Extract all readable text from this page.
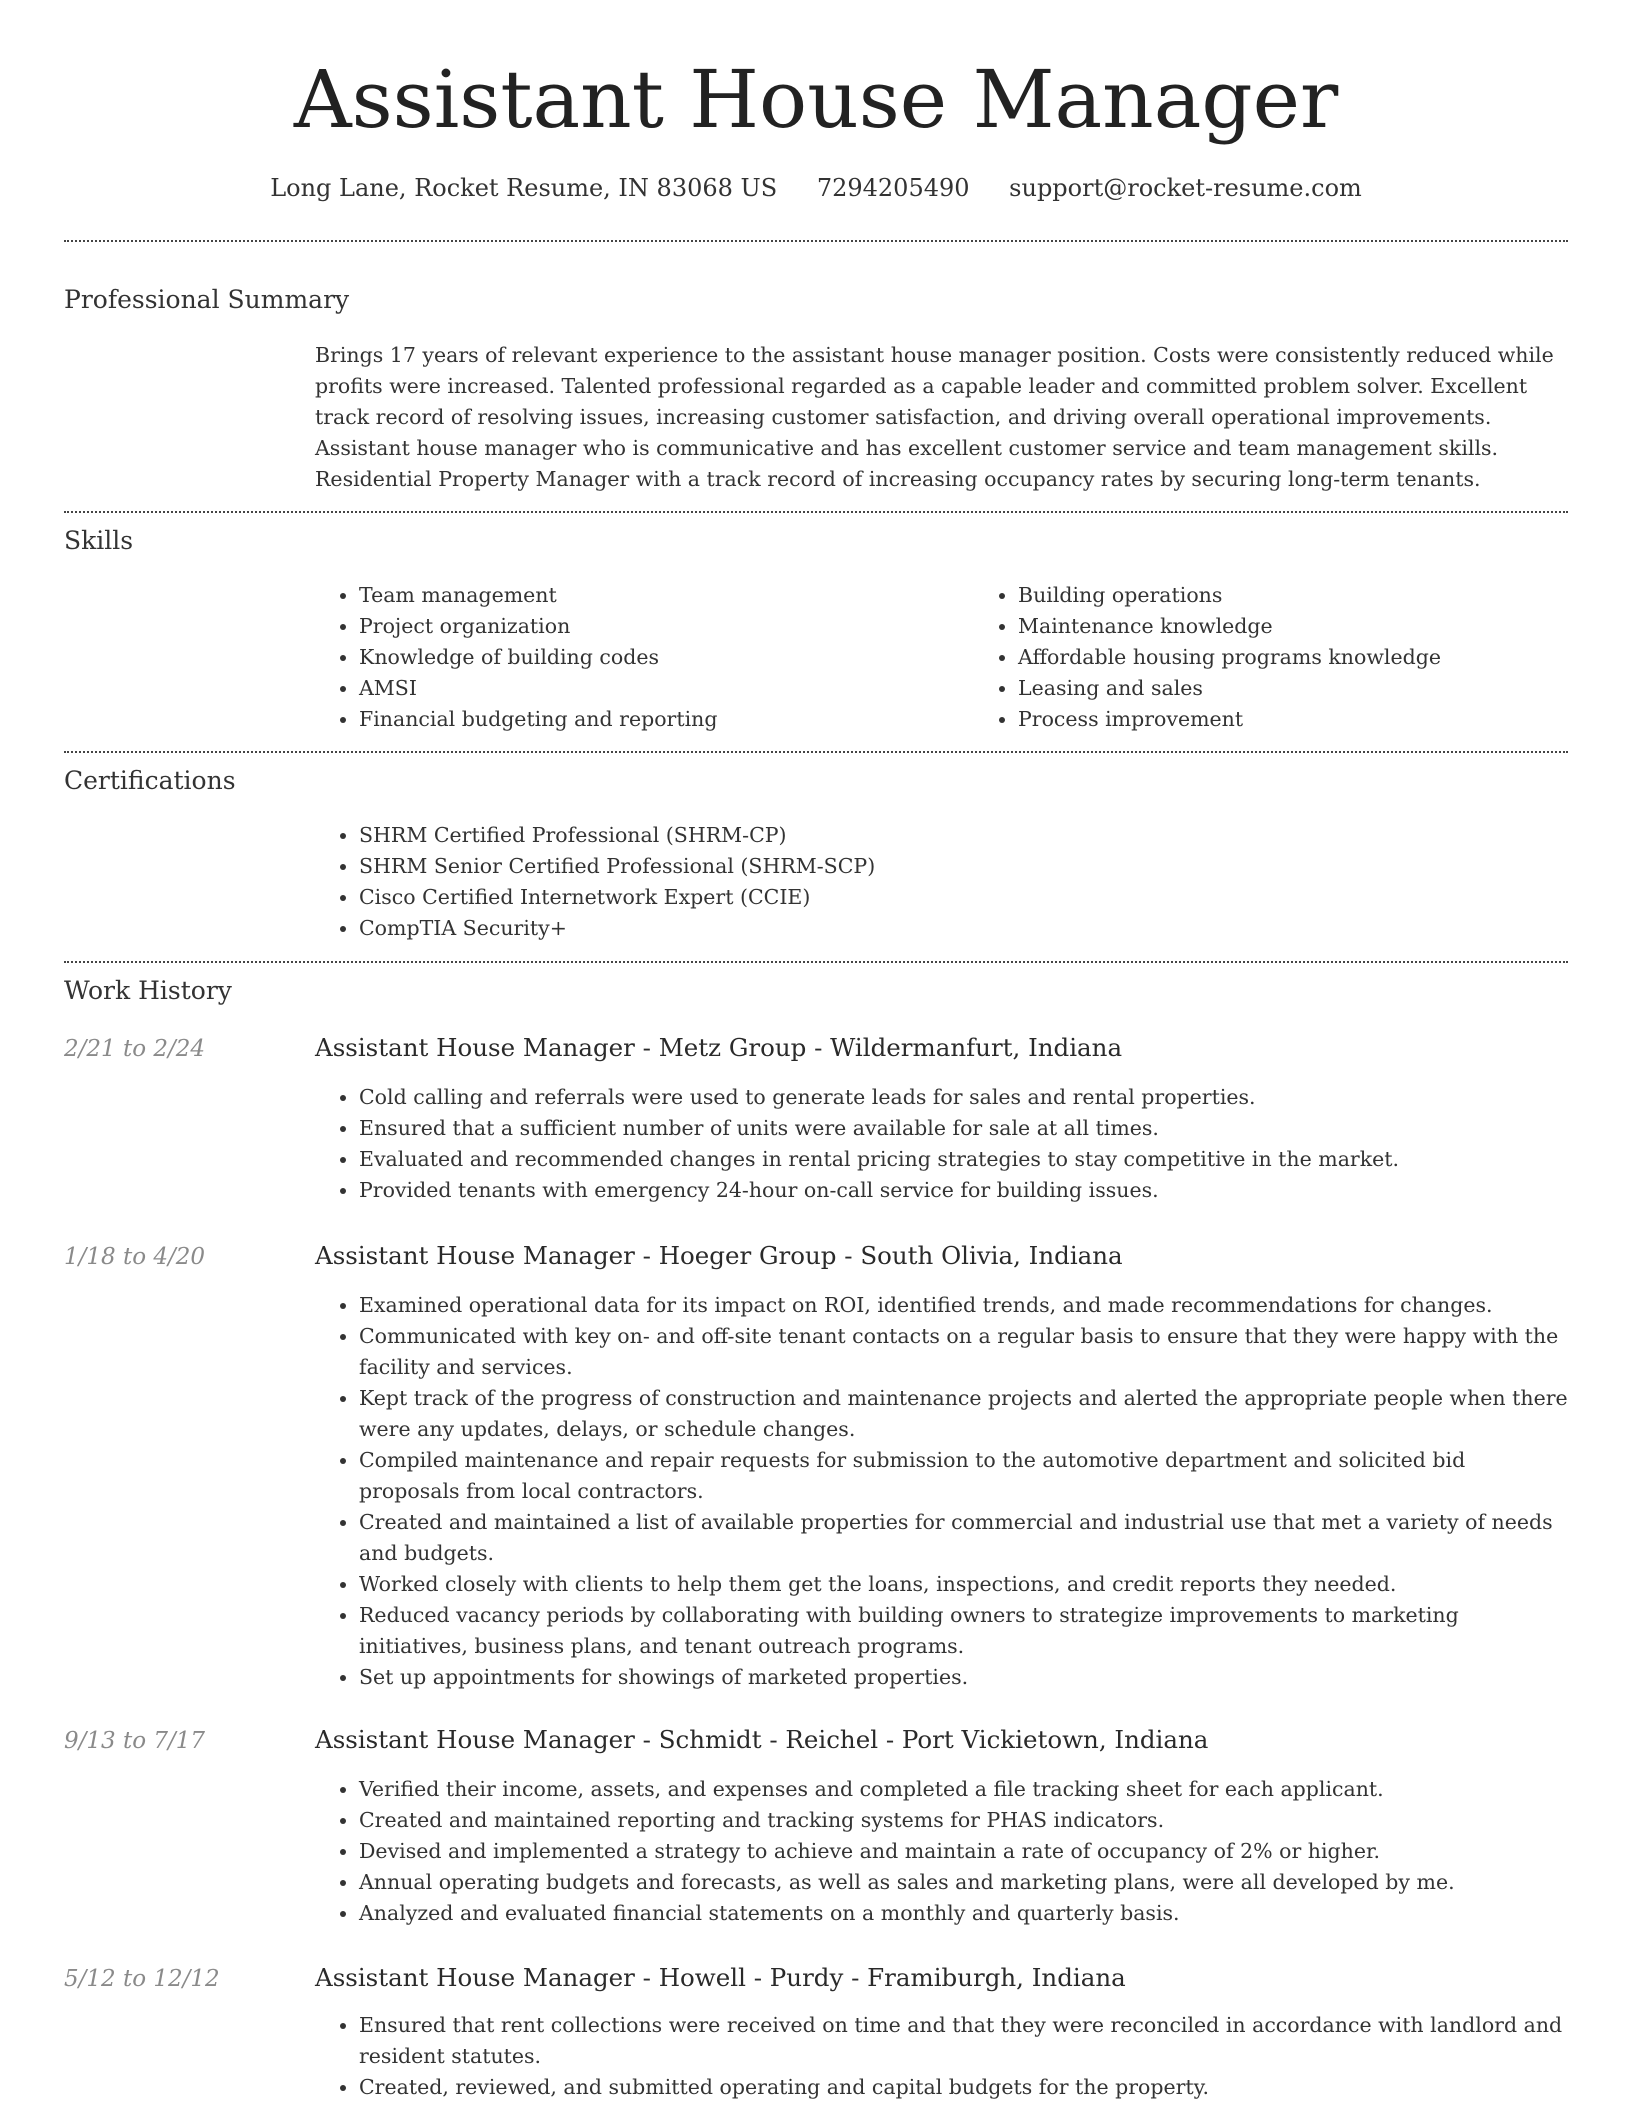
Assistant House Manager
Long Lane, Rocket Resume, IN 83068 US 7294205490 support@rocket-resume.com
Professional Summary

Brings 17 years of relevant experience to the assistant house manager position. Costs were consistently reduced while profits were increased. Talented professional regarded as a capable leader and committed problem solver. Excellent track record of resolving issues, increasing customer satisfaction, and driving overall operational improvements. Assistant house manager who is communicative and has excellent customer service and team management skills. Residential Property Manager with a track record of increasing occupancy rates by securing long-term tenants.

Skills
• Team management
• Project organization
• Knowledge of building codes
• AMSI
• Financial budgeting and reporting
• Building operations
• Maintenance knowledge
• Affordable housing programs knowledge
• Leasing and sales
• Process improvement
Certifications
• SHRM Certified Professional (SHRM-CP)
• SHRM Senior Certified Professional (SHRM-SCP)
• Cisco Certified Internetwork Expert (CCIE)
• CompTIA Security+
Work History
2/21 to 2/24	Assistant House Manager - Metz Group - Wildermanfurt, Indiana
• Cold calling and referrals were used to generate leads for sales and rental properties.
• Ensured that a sufficient number of units were available for sale at all times.
• Evaluated and recommended changes in rental pricing strategies to stay competitive in the market.
• Provided tenants with emergency 24-hour on-call service for building issues.
1/18 to 4/20	Assistant House Manager - Hoeger Group - South Olivia, Indiana
• Examined operational data for its impact on ROI, identified trends, and made recommendations for changes.
• Communicated with key on- and off-site tenant contacts on a regular basis to ensure that they were happy with the facility and services.
• Kept track of the progress of construction and maintenance projects and alerted the appropriate people when there were any updates, delays, or schedule changes.
• Compiled maintenance and repair requests for submission to the automotive department and solicited bid proposals from local contractors.
• Created and maintained a list of available properties for commercial and industrial use that met a variety of needs and budgets.
• Worked closely with clients to help them get the loans, inspections, and credit reports they needed.
• Reduced vacancy periods by collaborating with building owners to strategize improvements to marketing initiatives, business plans, and tenant outreach programs.
• Set up appointments for showings of marketed properties.
9/13 to 7/17	Assistant House Manager - Schmidt - Reichel - Port Vickietown, Indiana
• Verified their income, assets, and expenses and completed a file tracking sheet for each applicant.
• Created and maintained reporting and tracking systems for PHAS indicators.
• Devised and implemented a strategy to achieve and maintain a rate of occupancy of 2% or higher.
• Annual operating budgets and forecasts, as well as sales and marketing plans, were all developed by me.
• Analyzed and evaluated financial statements on a monthly and quarterly basis.
5/12 to 12/12	Assistant House Manager - Howell - Purdy - Framiburgh, Indiana
• Ensured that rent collections were received on time and that they were reconciled in accordance with landlord and resident statutes.
• Created, reviewed, and submitted operating and capital budgets for the property.
